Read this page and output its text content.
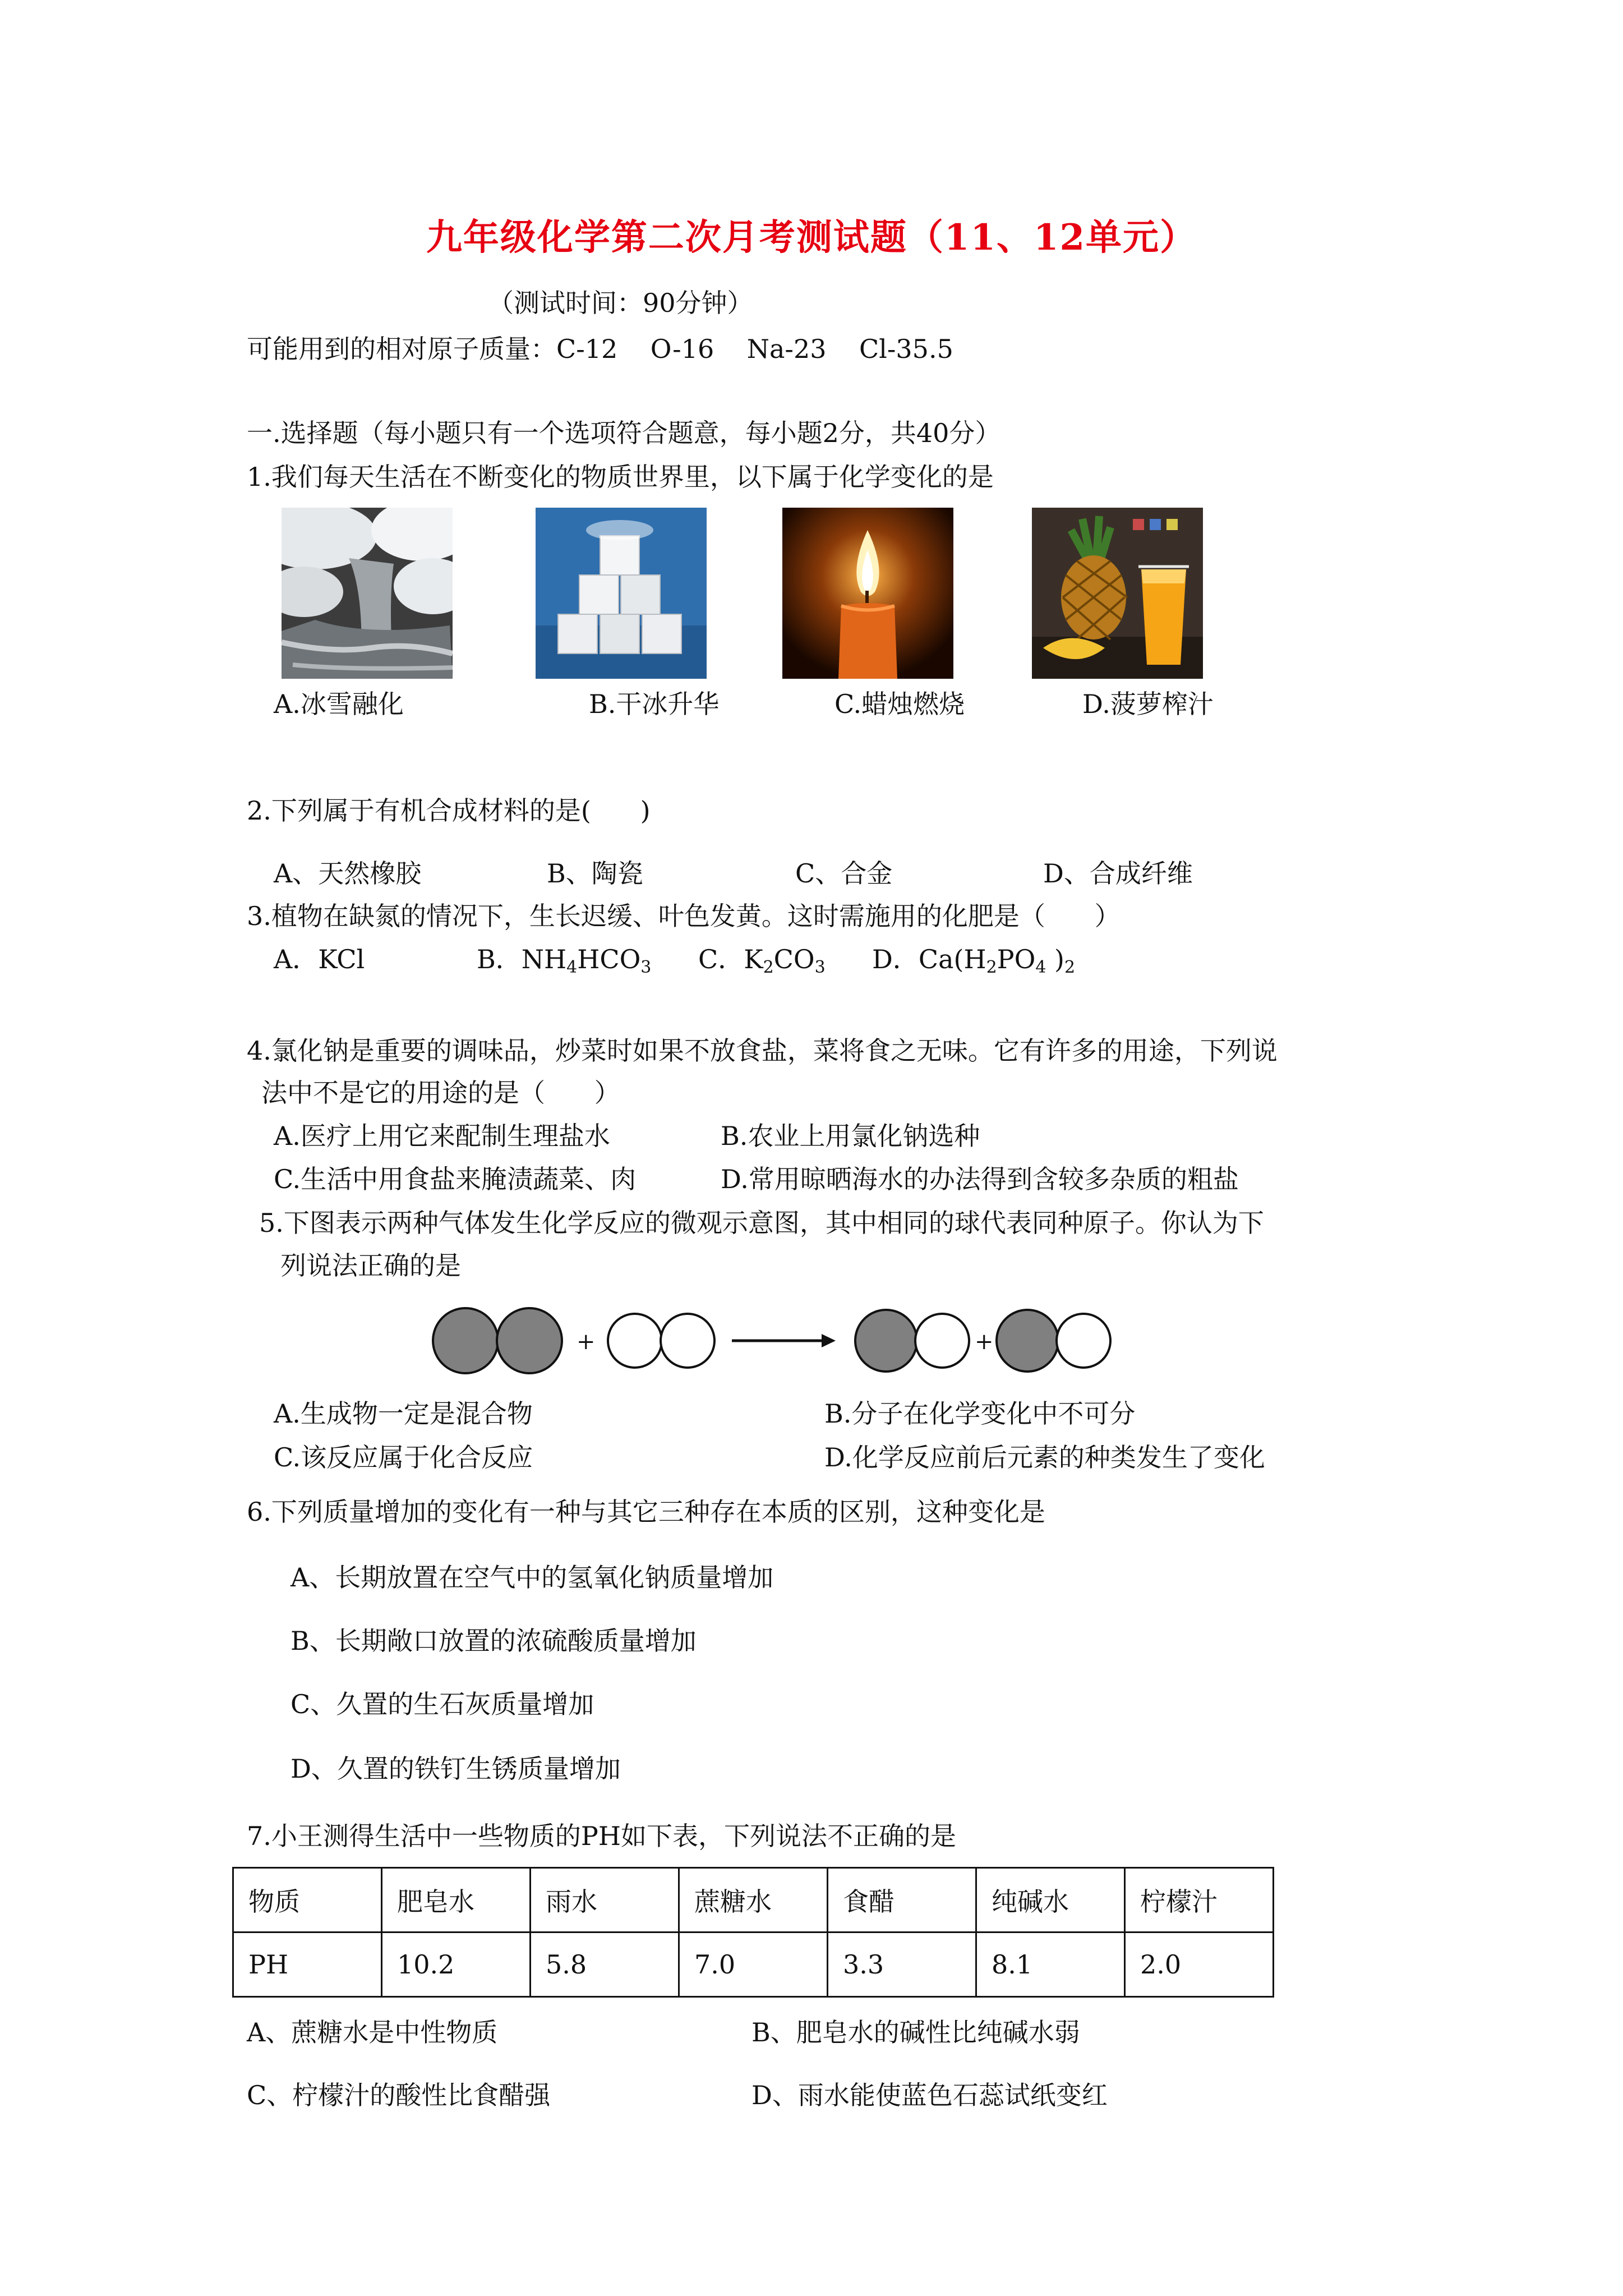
九年级化学第二次月考测试题（11、12单元）
（测试时间：90分钟）
可能用到的相对原子质量：C-12    O-16    Na-23    Cl-35.5
一.选择题（每小题只有一个选项符合题意，每小题2分，共40分）
1.我们每天生活在不断变化的物质世界里，以下属于化学变化的是
A.冰雪融化	B.干冰升华	C.蜡烛燃烧	D.菠萝榨汁
2.下列属于有机合成材料的是(      )
A、天然橡胶	B、陶瓷	C、合金	D、合成纤维
3.植物在缺氮的情况下，生长迟缓、叶色发黄。这时需施用的化肥是（      ）
A．KCl	B．$NH_4HCO_3$ C．$K_2CO_3$ D．$Ca(H_2PO_4$ )$_2$
4.氯化钠是重要的调味品，炒菜时如果不放食盐，菜将食之无味。它有许多的用途，下列说
法中不是它的用途的是（      ）
A.医疗上用它来配制生理盐水	B.农业上用氯化钠选种
C.生活中用食盐来腌渍蔬菜、肉	D.常用晾晒海水的办法得到含较多杂质的粗盐
5.下图表示两种气体发生化学反应的微观示意图，其中相同的球代表同种原子。你认为下
列说法正确的是
+	+
A.生成物一定是混合物	B.分子在化学变化中不可分
C.该反应属于化合反应	D.化学反应前后元素的种类发生了变化
6.下列质量增加的变化有一种与其它三种存在本质的区别，这种变化是
A、长期放置在空气中的氢氧化钠质量增加
B、长期敞口放置的浓硫酸质量增加
C、久置的生石灰质量增加
D、久置的铁钉生锈质量增加
7.小王测得生活中一些物质的PH如下表，下列说法不正确的是
物质	肥皂水	雨水	蔗糖水	食醋	纯碱水	柠檬汁
PH	10.2	5.8	7.0	3.3	8.1	2.0
A、蔗糖水是中性物质	B、肥皂水的碱性比纯碱水弱
C、柠檬汁的酸性比食醋强	D、雨水能使蓝色石蕊试纸变红
